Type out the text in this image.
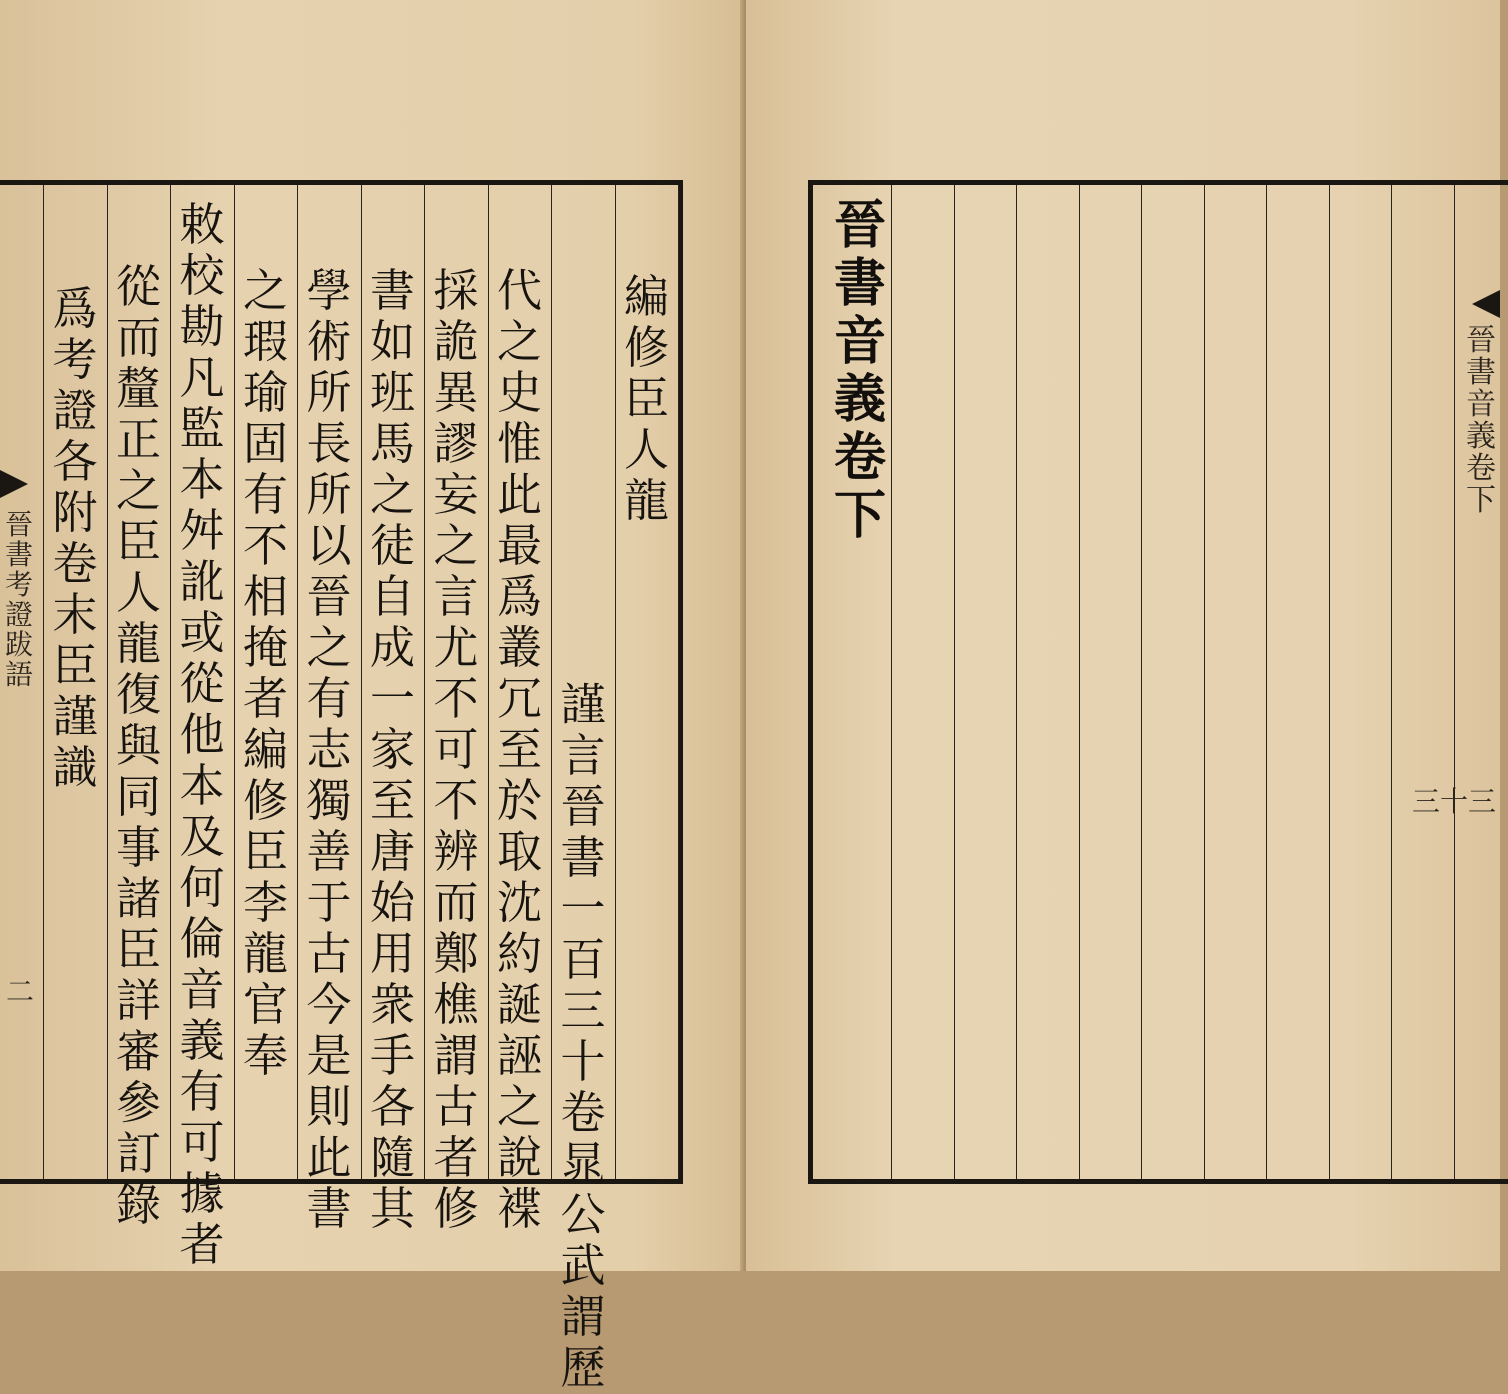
晉
書
考
證
跋
語
二
編
修
臣
人
龍
謹
言
晉
書
一
百
三
十
卷
晁
公
武
謂
歷
代
之
史
惟
此
最
爲
叢
冗
至
於
取
沈
約
誕
誣
之
說
褋
採
詭
異
謬
妄
之
言
尤
不
可
不
辨
而
鄭
樵
謂
古
者
修
書
如
班
馬
之
徒
自
成
一
家
至
唐
始
用
衆
手
各
隨
其
學
術
所
長
所
以
晉
之
有
志
獨
善
于
古
今
是
則
此
書
之
瑕
瑜
固
有
不
相
掩
者
編
修
臣
李
龍
官
奉
敕
校
勘
凡
監
本
舛
訛
或
從
他
本
及
何
倫
音
義
有
可
據
者
從
而
釐
正
之
臣
人
龍
復
與
同
事
諸
臣
詳
審
參
訂
錄
爲
考
證
各
附
卷
末
臣
謹
識
晉
書
音
義
卷
下
晉
書
音
義
卷
下
三十三
